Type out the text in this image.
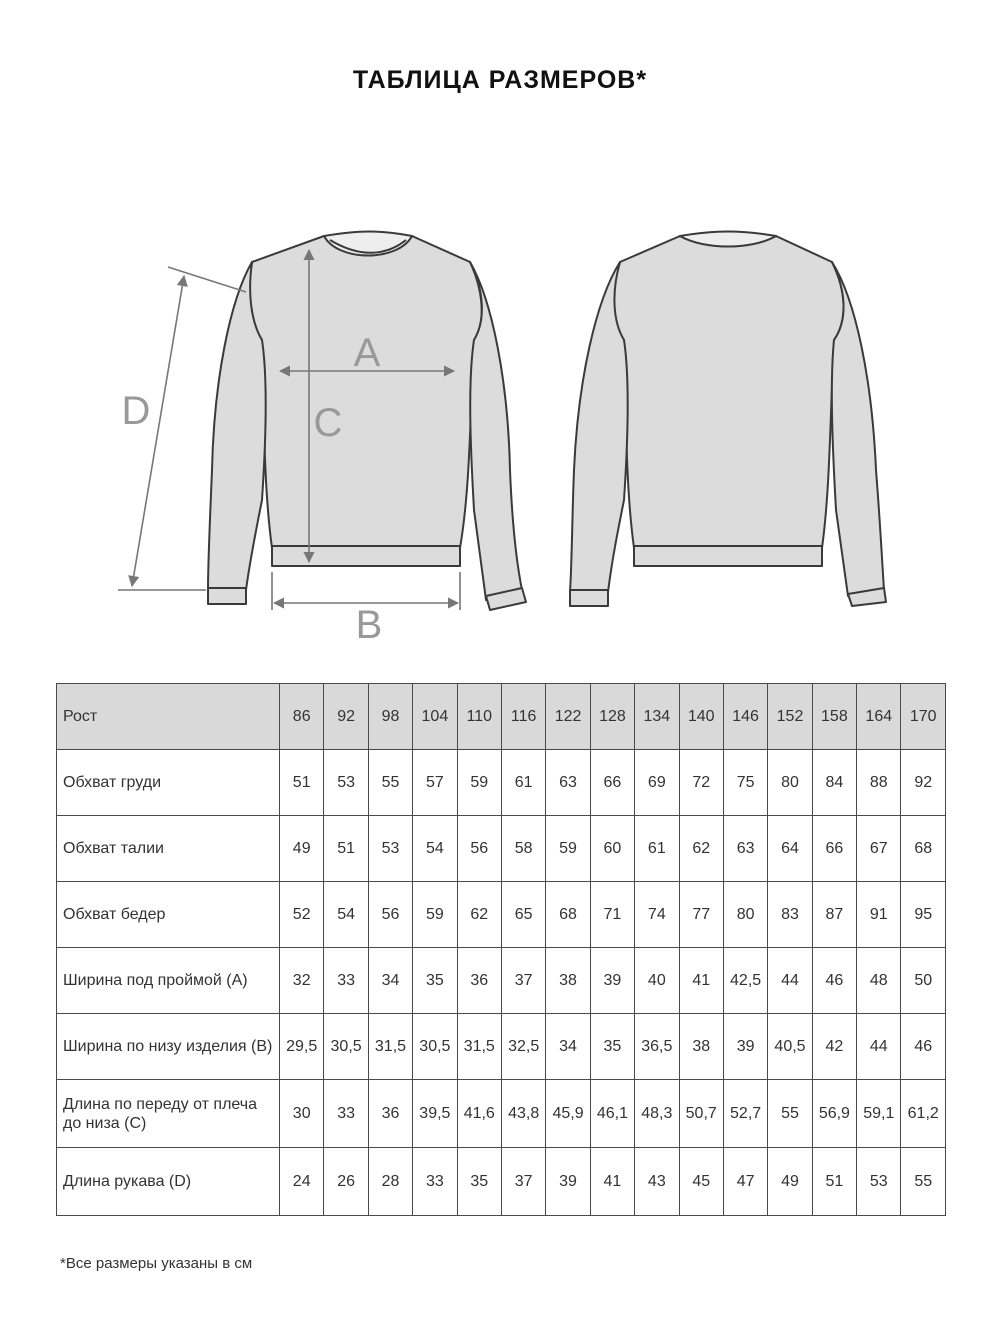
ТАБЛИЦА РАЗМЕРОВ*
A
B
C
D
Рост	86	92	98	104	110	116	122	128	134	140	146	152	158	164	170
Обхват груди	51	53	55	57	59	61	63	66	69	72	75	80	84	88	92
Обхват талии	49	51	53	54	56	58	59	60	61	62	63	64	66	67	68
Обхват бедер	52	54	56	59	62	65	68	71	74	77	80	83	87	91	95
Ширина под проймой (A)	32	33	34	35	36	37	38	39	40	41	42,5	44	46	48	50
Ширина по низу изделия (B)	29,5	30,5	31,5	30,5	31,5	32,5	34	35	36,5	38	39	40,5	42	44	46
Длина по переду от плеча до низа (C)	30	33	36	39,5	41,6	43,8	45,9	46,1	48,3	50,7	52,7	55	56,9	59,1	61,2
Длина рукава (D)	24	26	28	33	35	37	39	41	43	45	47	49	51	53	55
*Все размеры указаны в см
